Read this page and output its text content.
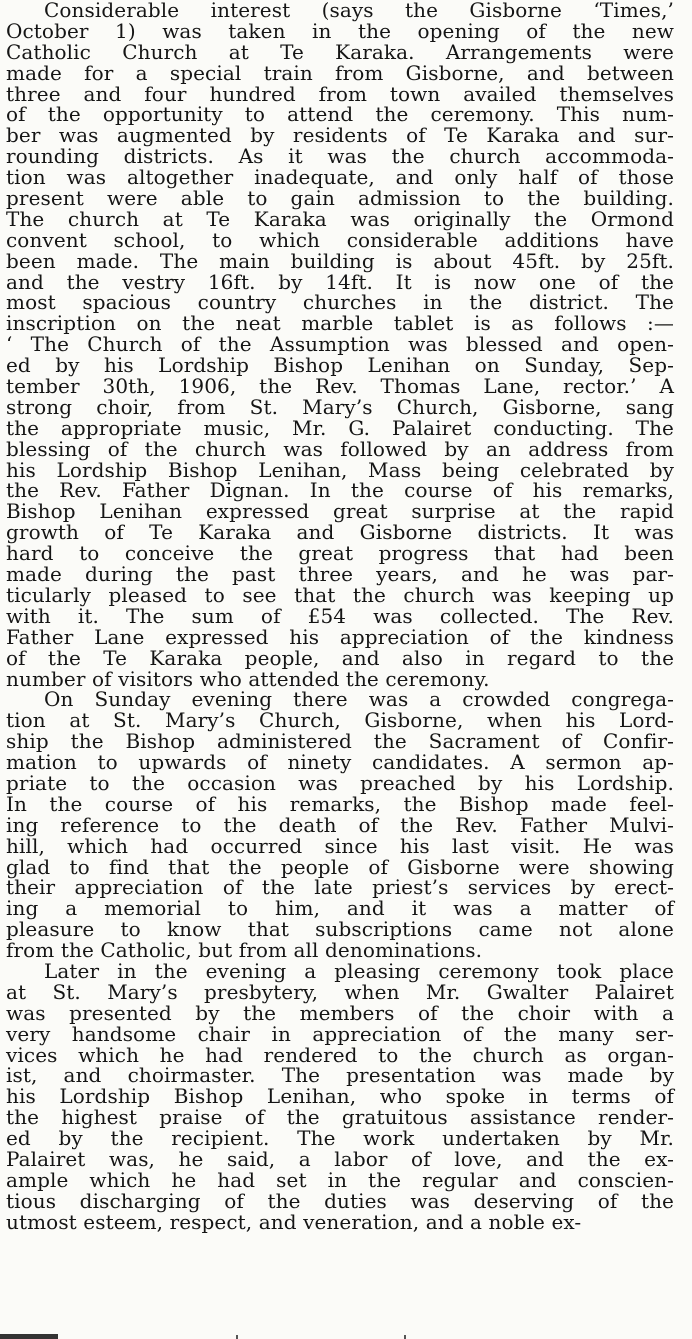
Considerable interest (says the Gisborne ‘Times,’
October 1) was taken in the opening of the new
Catholic Church at Te Karaka. Arrangements were
made for a special train from Gisborne, and between
three and four hundred from town availed themselves
of the opportunity to attend the ceremony. This num-
ber was augmented by residents of Te Karaka and sur-
rounding districts. As it was the church accommoda-
tion was altogether inadequate, and only half of those
present were able to gain admission to the building.
The church at Te Karaka was originally the Ormond
convent school, to which considerable additions have
been made. The main building is about 45ft. by 25ft.
and the vestry 16ft. by 14ft. It is now one of the
most spacious country churches in the district. The
inscription on the neat marble tablet is as follows :—
‘ The Church of the Assumption was blessed and open-
ed by his Lordship Bishop Lenihan on Sunday, Sep-
tember 30th, 1906, the Rev. Thomas Lane, rector.’ A
strong choir, from St. Mary’s Church, Gisborne, sang
the appropriate music, Mr. G. Palairet conducting. The
blessing of the church was followed by an address from
his Lordship Bishop Lenihan, Mass being celebrated by
the Rev. Father Dignan. In the course of his remarks,
Bishop Lenihan expressed great surprise at the rapid
growth of Te Karaka and Gisborne districts. It was
hard to conceive the great progress that had been
made during the past three years, and he was par-
ticularly pleased to see that the church was keeping up
with it. The sum of £54 was collected. The Rev.
Father Lane expressed his appreciation of the kindness
of the Te Karaka people, and also in regard to the
number of visitors who attended the ceremony.
On Sunday evening there was a crowded congrega-
tion at St. Mary’s Church, Gisborne, when his Lord-
ship the Bishop administered the Sacrament of Confir-
mation to upwards of ninety candidates. A sermon ap-
priate to the occasion was preached by his Lordship.
In the course of his remarks, the Bishop made feel-
ing reference to the death of the Rev. Father Mulvi-
hill, which had occurred since his last visit. He was
glad to find that the people of Gisborne were showing
their appreciation of the late priest’s services by erect-
ing a memorial to him, and it was a matter of
pleasure to know that subscriptions came not alone
from the Catholic, but from all denominations.
Later in the evening a pleasing ceremony took place
at St. Mary’s presbytery, when Mr. Gwalter Palairet
was presented by the members of the choir with a
very handsome chair in appreciation of the many ser-
vices which he had rendered to the church as organ-
ist, and choirmaster. The presentation was made by
his Lordship Bishop Lenihan, who spoke in terms of
the highest praise of the gratuitous assistance render-
ed by the recipient. The work undertaken by Mr.
Palairet was, he said, a labor of love, and the ex-
ample which he had set in the regular and conscien-
tious discharging of the duties was deserving of the
utmost esteem, respect, and veneration, and a noble ex-
